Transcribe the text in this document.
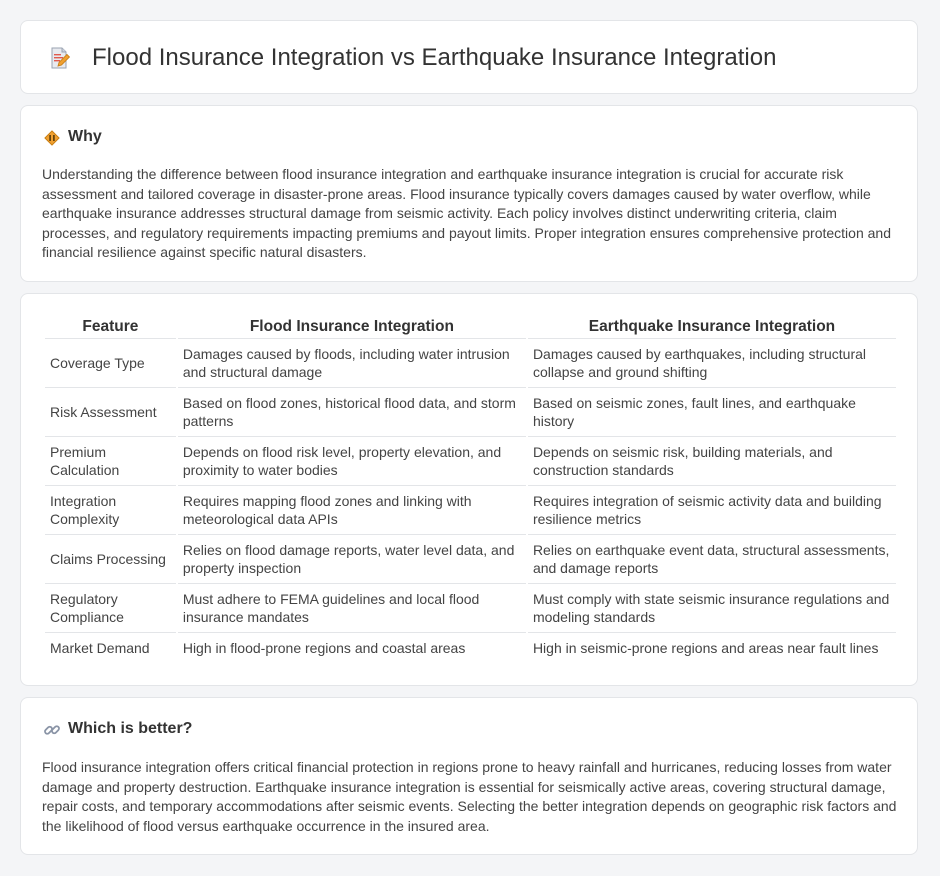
Flood Insurance Integration vs Earthquake Insurance Integration
Why

Understanding the difference between flood insurance integration and earthquake insurance integration is crucial for accurate risk assessment and tailored coverage in disaster-prone areas. Flood insurance typically covers damages caused by water overflow, while earthquake insurance addresses structural damage from seismic activity. Each policy involves distinct underwriting criteria, claim processes, and regulatory requirements impacting premiums and payout limits. Proper integration ensures comprehensive protection and financial resilience against specific natural disasters.

Feature	Flood Insurance Integration	Earthquake Insurance Integration
Coverage Type	Damages caused by floods, including water intrusion and structural damage	Damages caused by earthquakes, including structural collapse and ground shifting
Risk Assessment	Based on flood zones, historical flood data, and storm patterns	Based on seismic zones, fault lines, and earthquake history
Premium Calculation	Depends on flood risk level, property elevation, and proximity to water bodies	Depends on seismic risk, building materials, and construction standards
Integration Complexity	Requires mapping flood zones and linking with meteorological data APIs	Requires integration of seismic activity data and building resilience metrics
Claims Processing	Relies on flood damage reports, water level data, and property inspection	Relies on earthquake event data, structural assessments, and damage reports
Regulatory Compliance	Must adhere to FEMA guidelines and local flood insurance mandates	Must comply with state seismic insurance regulations and modeling standards
Market Demand	High in flood-prone regions and coastal areas	High in seismic-prone regions and areas near fault lines
Which is better?

Flood insurance integration offers critical financial protection in regions prone to heavy rainfall and hurricanes, reducing losses from water damage and property destruction. Earthquake insurance integration is essential for seismically active areas, covering structural damage, repair costs, and temporary accommodations after seismic events. Selecting the better integration depends on geographic risk factors and the likelihood of flood versus earthquake occurrence in the insured area.
